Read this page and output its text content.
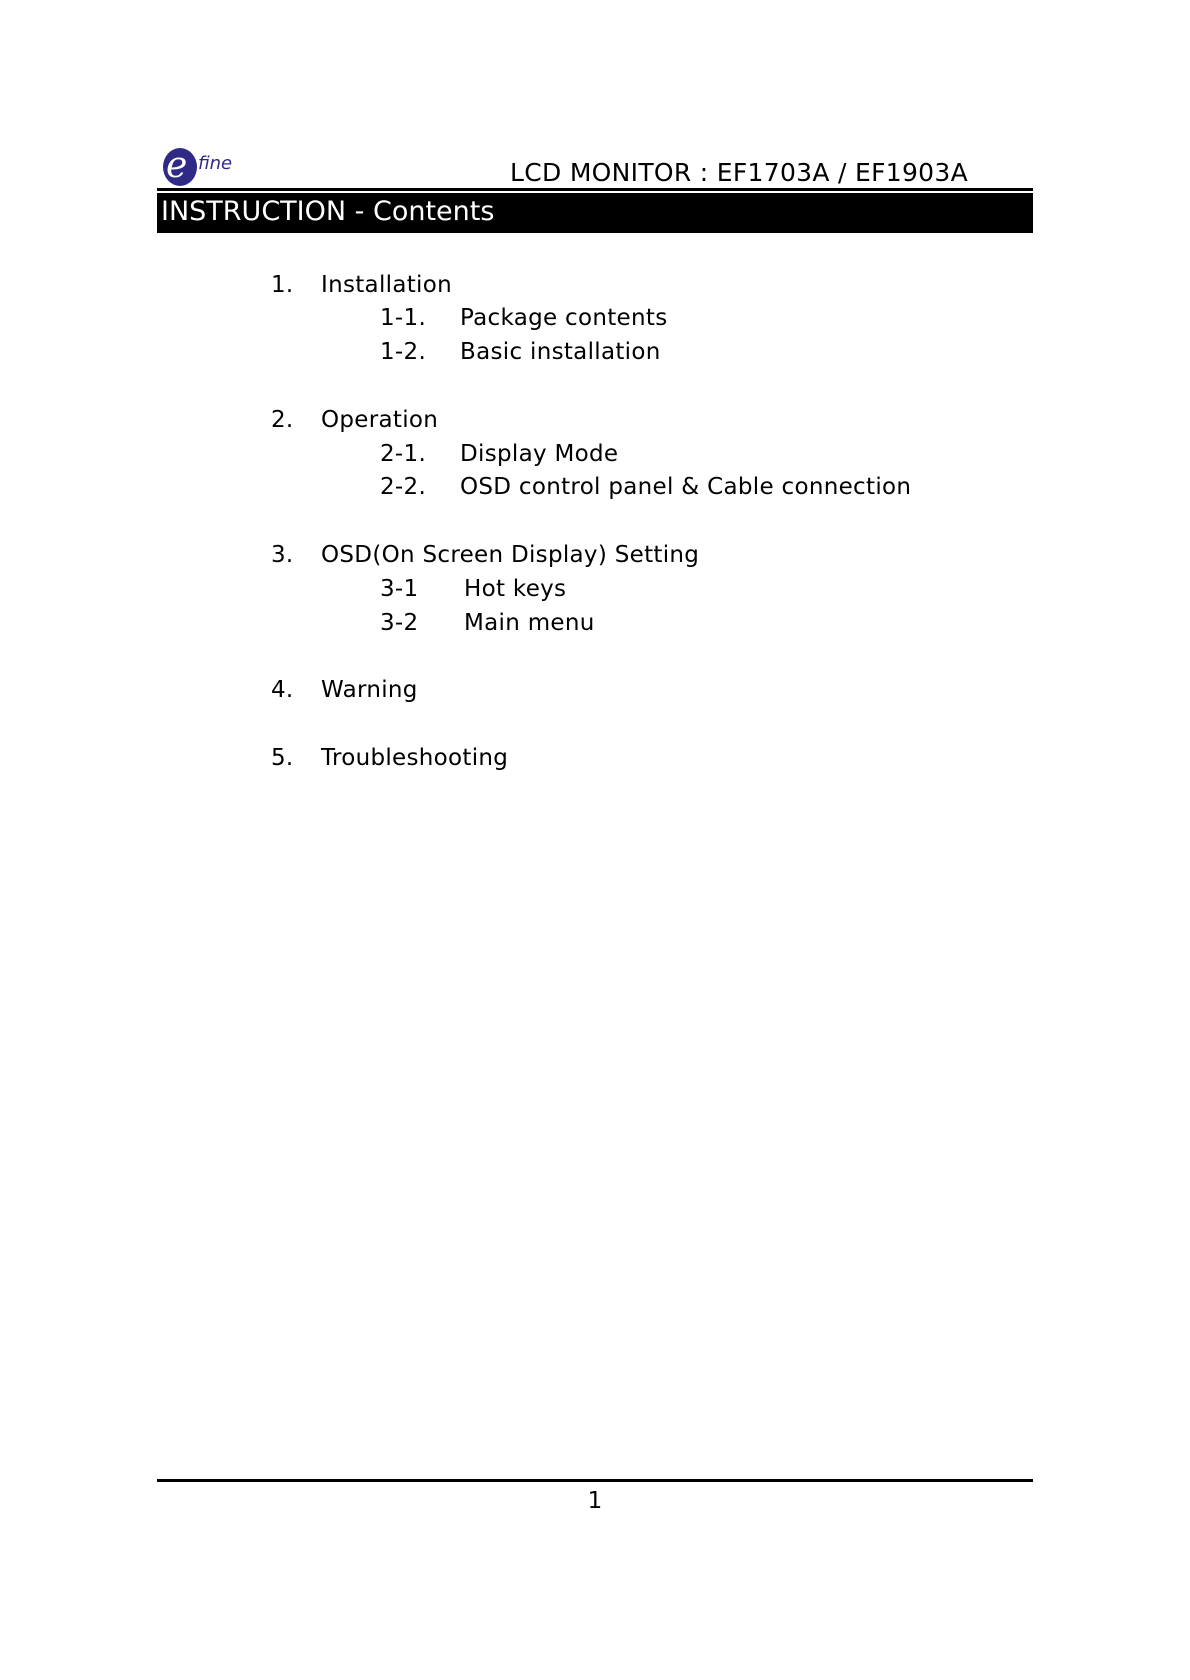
e fine	LCD MONITOR : EF1703A / EF1903A
INSTRUCTION - Contents
1. Installation
1-1. Package contents
1-2. Basic installation
2. Operation
2-1. Display Mode
2-2. OSD control panel & Cable connection
3. OSD(On Screen Display) Setting
3-1 Hot keys
3-2 Main menu
4. Warning
5. Troubleshooting
1
